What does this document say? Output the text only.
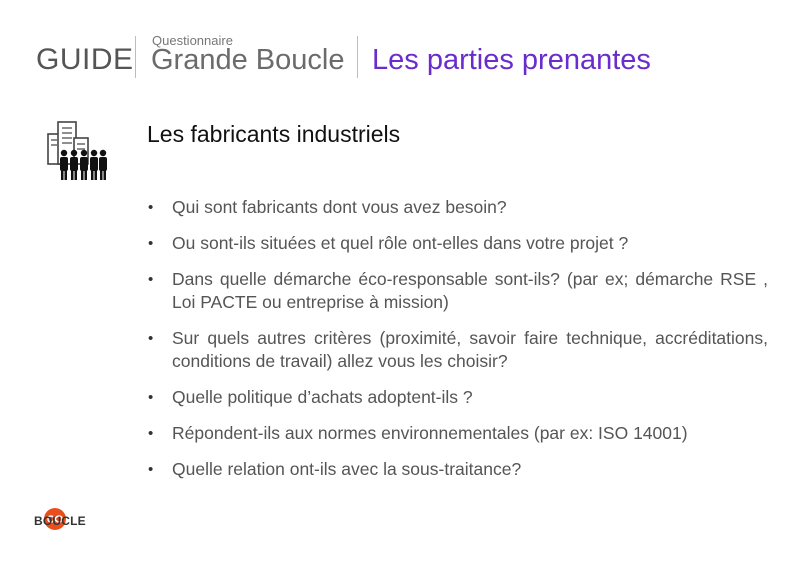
GUIDE
Questionnaire
Grande Boucle Les parties prenantes
Les fabricants industriels
• Qui sont fabricants dont vous avez besoin?
• Ou sont-ils situées et quel rôle ont-elles dans votre projet ?
• Dans quelle démarche éco-responsable sont-ils? (par ex; démarche RSE , Loi PACTE ou entreprise à mission)
• Sur quels autres critères (proximité, savoir faire technique, accréditations, conditions de travail) allez vous les choisir?
• Quelle politique d’achats adoptent-ils ?
• Répondent-ils aux normes environnementales (par ex: ISO 14001)
• Quelle relation ont-ils avec la sous-traitance?
BOUCLE
